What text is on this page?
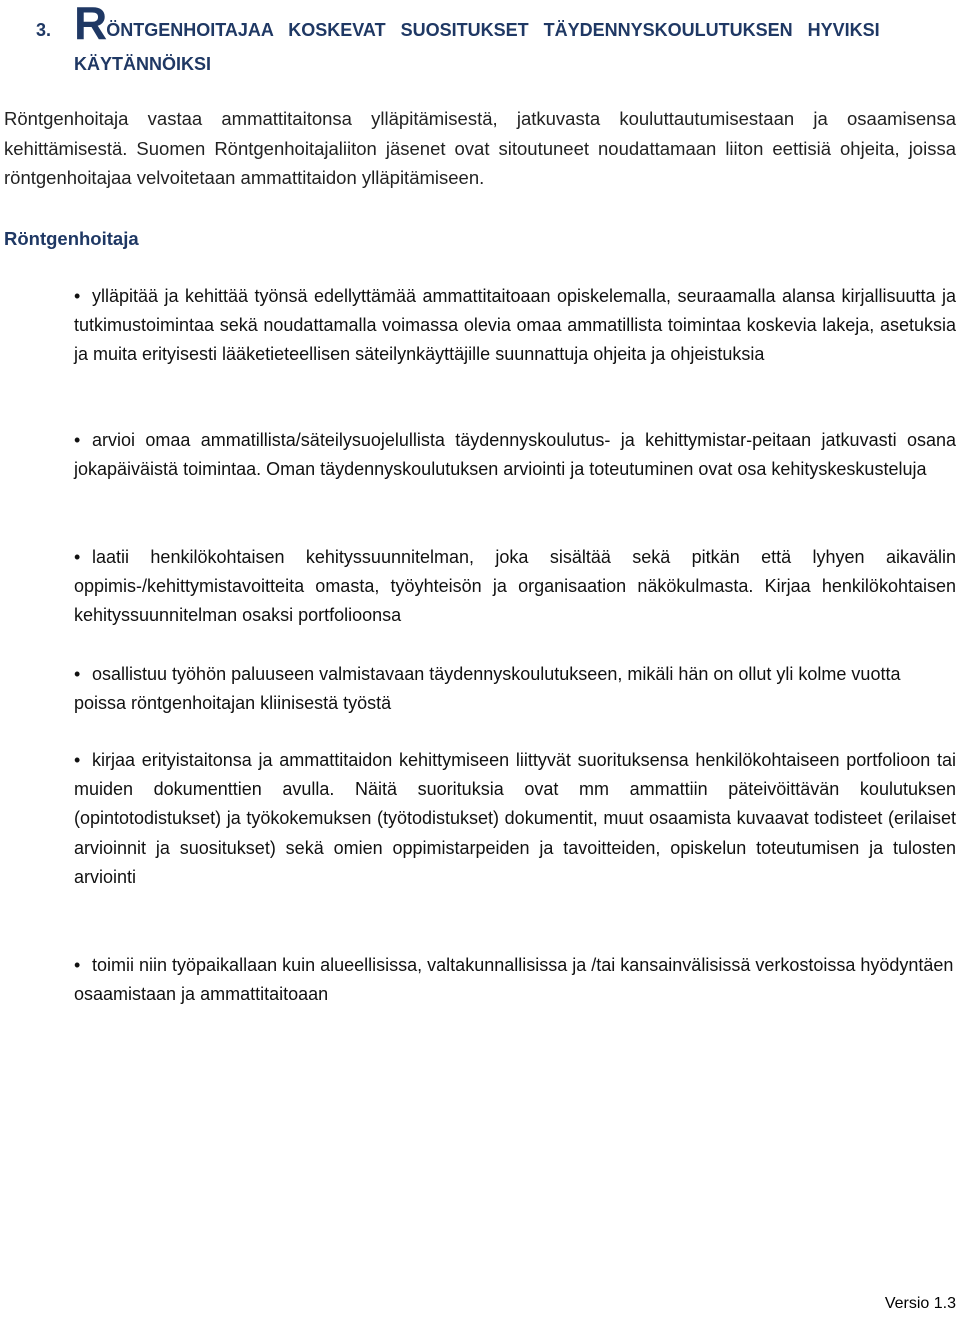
3. RÖNTGENHOITAJAA KOSKEVAT SUOSITUKSET TÄYDENNYSKOULUTUKSEN HYVIKSI
KÄYTÄNNÖIKSI

Röntgenhoitaja vastaa ammattitaitonsa ylläpitämisestä, jatkuvasta kouluttautumisestaan ja osaamisensa kehittämisestä. Suomen Röntgenhoitajaliiton jäsenet ovat sitoutuneet noudattamaan liiton eettisiä ohjeita, joissa röntgenhoitajaa velvoitetaan ammattitaidon ylläpitämiseen.

Röntgenhoitaja
• ylläpitää ja kehittää työnsä edellyttämää ammattitaitoaan opiskelemalla, seuraamalla alansa kirjallisuutta ja tutkimustoimintaa sekä noudattamalla voimassa olevia omaa ammatillista toimintaa koskevia lakeja, asetuksia ja muita erityisesti lääketieteellisen säteilynkäyttäjille suunnattuja ohjeita ja ohjeistuksia
• arvioi omaa ammatillista/säteilysuojelullista täydennyskoulutus- ja kehittymistar-peitaan jatkuvasti osana jokapäiväistä toimintaa. Oman täydennyskoulutuksen arviointi ja toteutuminen ovat osa kehityskeskusteluja
• laatii henkilökohtaisen kehityssuunnitelman, joka sisältää sekä pitkän että lyhyen aikavälin oppimis-/kehittymistavoitteita omasta, työyhteisön ja organisaation näkökulmasta. Kirjaa henkilökohtaisen kehityssuunnitelman osaksi portfolioonsa
• osallistuu työhön paluuseen valmistavaan täydennyskoulutukseen, mikäli hän on ollut yli kolme vuotta poissa röntgenhoitajan kliinisestä työstä
• kirjaa erityistaitonsa ja ammattitaidon kehittymiseen liittyvät suorituksensa henkilökohtaiseen portfolioon tai muiden dokumenttien avulla. Näitä suorituksia ovat mm ammattiin päteivöittävän koulutuksen (opintotodistukset) ja työkokemuksen (työtodistukset) dokumentit, muut osaamista kuvaavat todisteet (erilaiset arvioinnit ja suositukset) sekä omien oppimistarpeiden ja tavoitteiden, opiskelun toteutumisen ja tulosten arviointi
• toimii niin työpaikallaan kuin alueellisissa, valtakunnallisissa ja /tai kansainvälisissä verkostoissa hyödyntäen osaamistaan ja ammattitaitoaan
Versio 1.3
